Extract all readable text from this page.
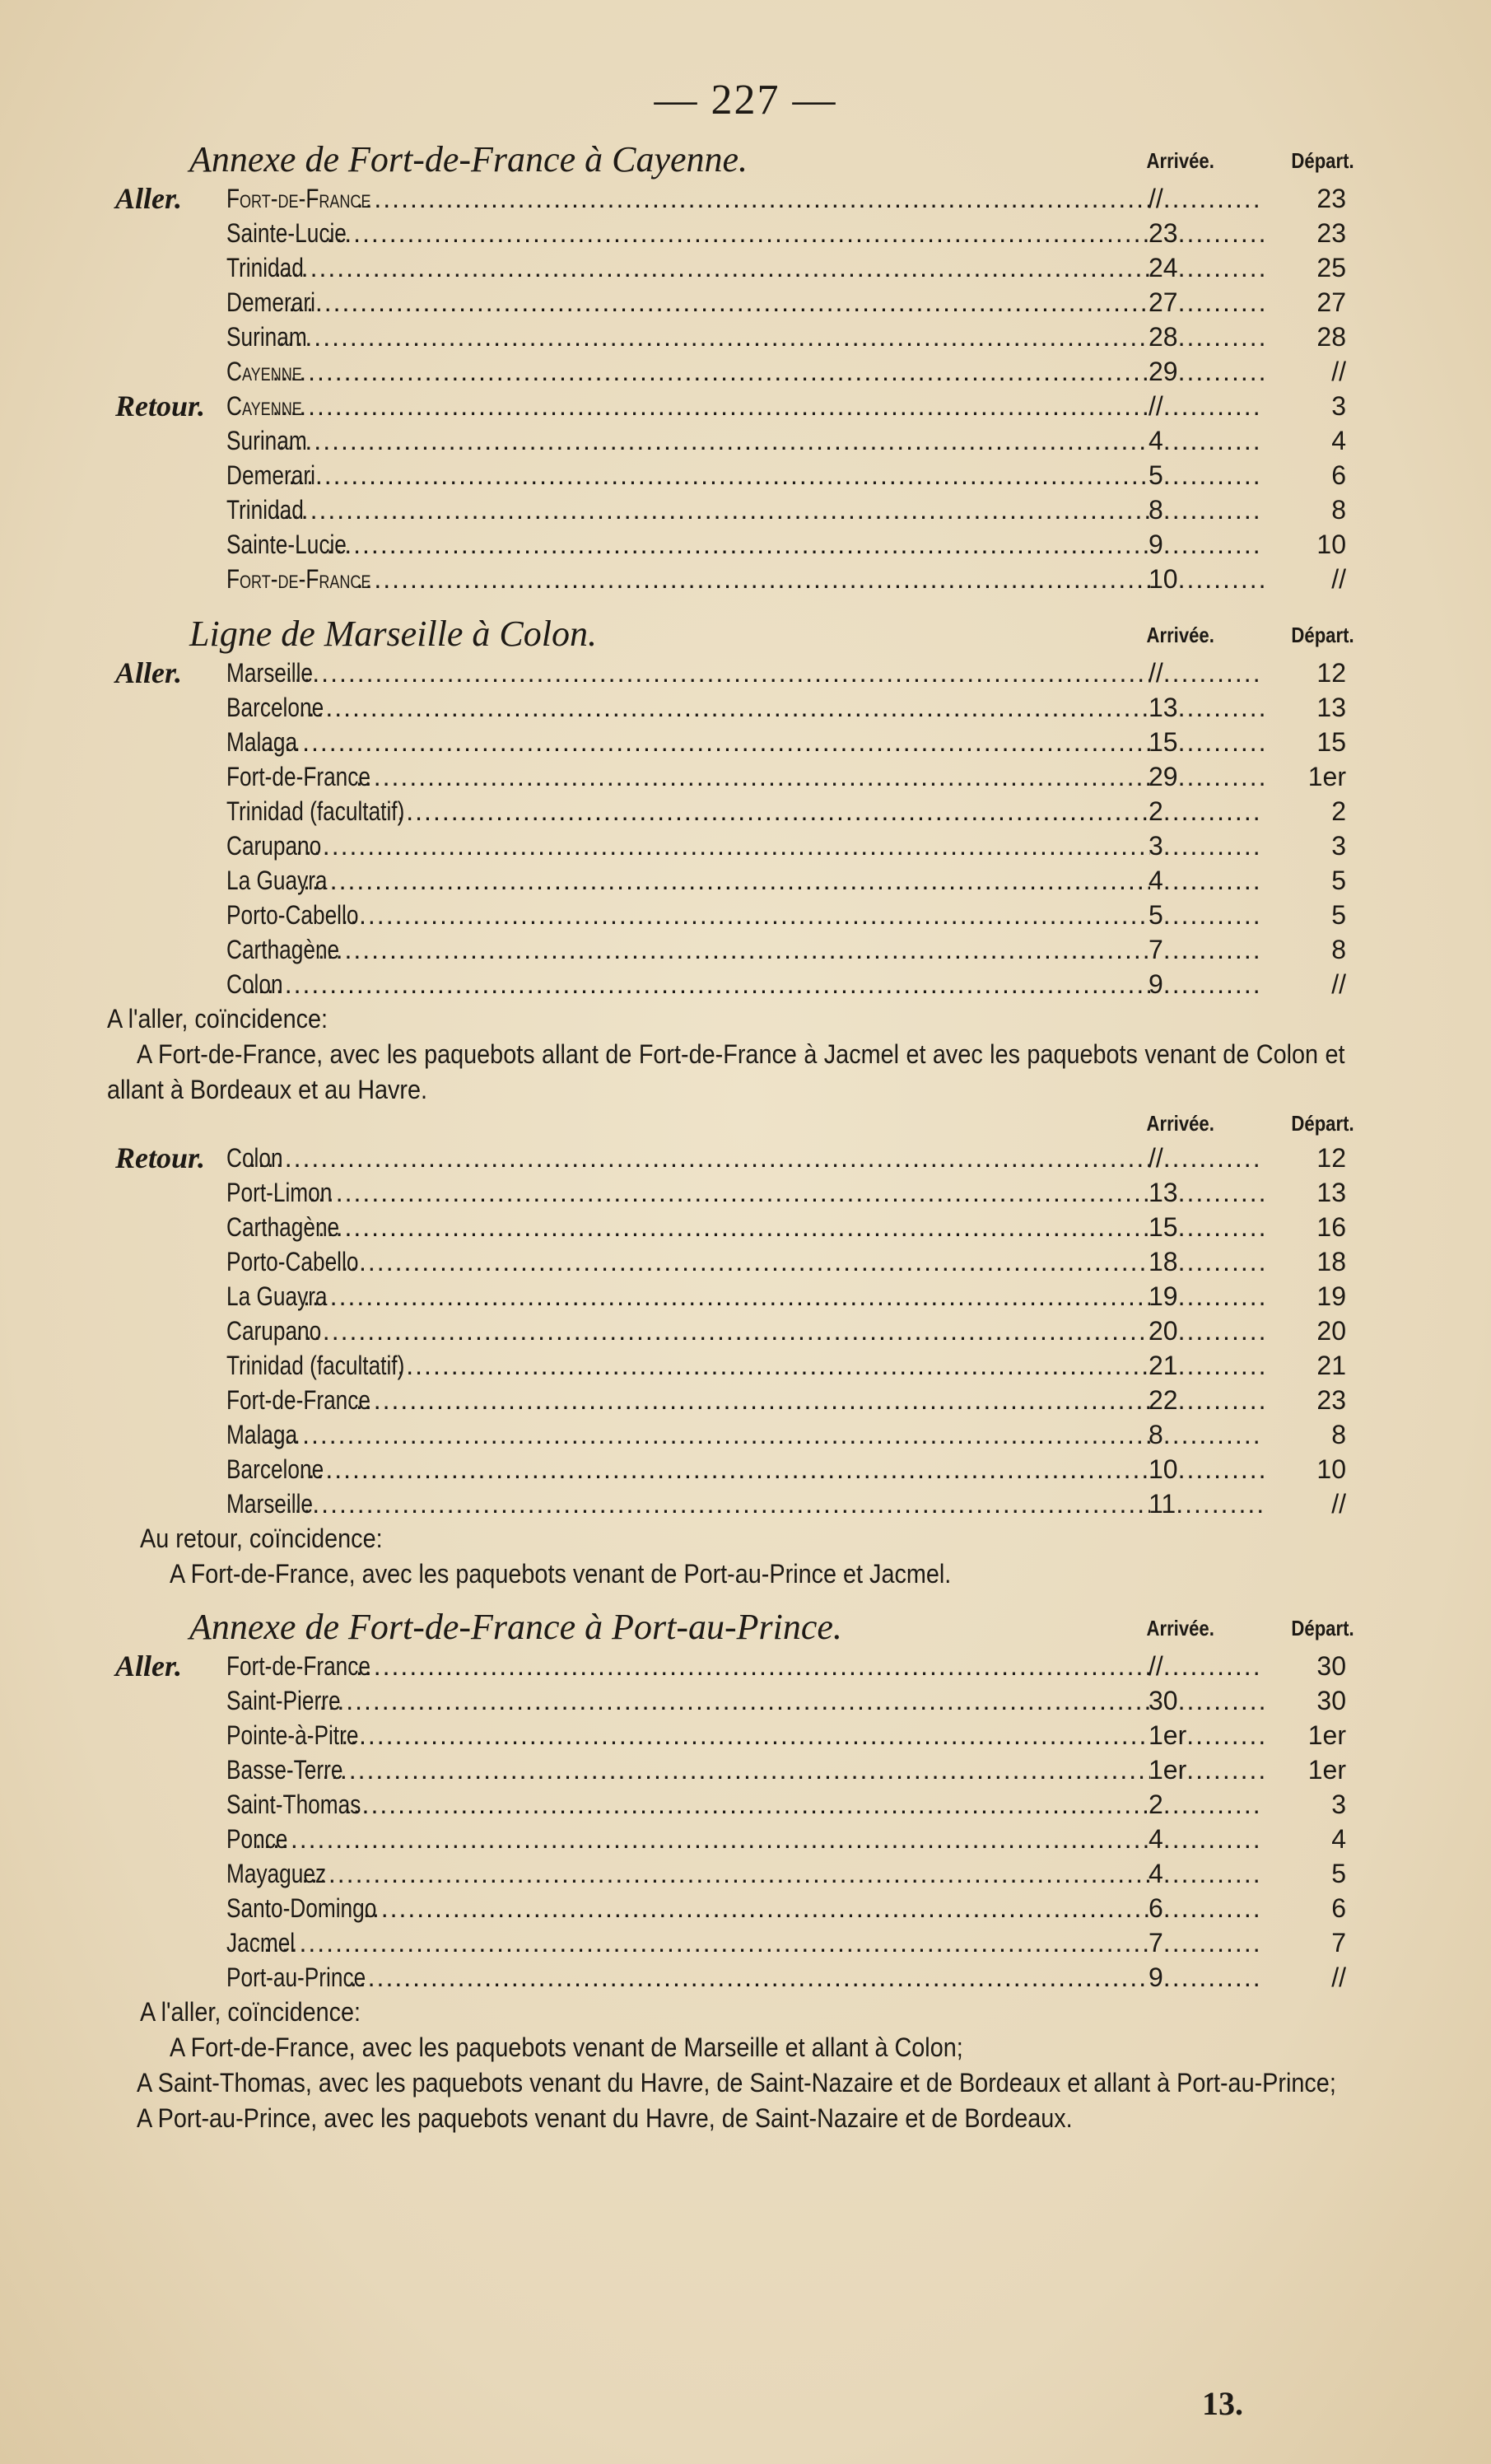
— 227 —
Annexe de Fort-de-France à Cayenne.	Arrivée.	Départ.
Aller. Fort-de-France .....	// .....	23
Sainte-Lucie .....	23 .....	23
Trinidad .....	24 .....	25
Demerari .....	27 .....	27
Surinam .....	28 .....	28
Cayenne .....	29 .....	//
Retour. Cayenne .....	// .....	3
Surinam .....	4 .....	4
Demerari .....	5 .....	6
Trinidad .....	8 .....	8
Sainte-Lucie .....	9 .....	10
Fort-de-France .....	10 .....	//
Ligne de Marseille à Colon.	Arrivée.	Départ.
Aller. Marseille .....	// .....	12
Barcelone .....	13 .....	13
Malaga .....	15 .....	15
Fort-de-France .....	29 .....	1er
Trinidad (facultatif) .....	2 .....	2
Carupano .....	3 .....	3
La Guayra .....	4 .....	5
Porto-Cabello .....	5 .....	5
Carthagène .....	7 .....	8
Colon .....	9 .....	//
A l'aller, coïncidence:
A Fort-de-France, avec les paquebots allant de Fort-de-France à Jacmel et avec les paquebots venant de Colon et allant à Bordeaux et au Havre.
Arrivée.	Départ.
Retour. Colon .....	// .....	12
Port-Limon .....	13 .....	13
Carthagène .....	15 .....	16
Porto-Cabello .....	18 .....	18
La Guayra .....	19 .....	19
Carupano .....	20 .....	20
Trinidad (facultatif) .....	21 .....	21
Fort-de-France .....	22 .....	23
Malaga .....	8 .....	8
Barcelone .....	10 .....	10
Marseille .....	11 .....	//
Au retour, coïncidence:
A Fort-de-France, avec les paquebots venant de Port-au-Prince et Jacmel.
Annexe de Fort-de-France à Port-au-Prince.	Arrivée.	Départ.
Aller. Fort-de-France .....	// .....	30
Saint-Pierre .....	30 .....	30
Pointe-à-Pitre .....	1er .....	1er
Basse-Terre .....	1er .....	1er
Saint-Thomas .....	2 .....	3
Ponce .....	4 .....	4
Mayaguez .....	4 .....	5
Santo-Domingo .....	6 .....	6
Jacmel .....	7 .....	7
Port-au-Prince .....	9 .....	//
A l'aller, coïncidence:
A Fort-de-France, avec les paquebots venant de Marseille et allant à Colon;
A Saint-Thomas, avec les paquebots venant du Havre, de Saint-Nazaire et de Bordeaux et allant à Port-au-Prince;
A Port-au-Prince, avec les paquebots venant du Havre, de Saint-Nazaire et de Bordeaux.
13.
